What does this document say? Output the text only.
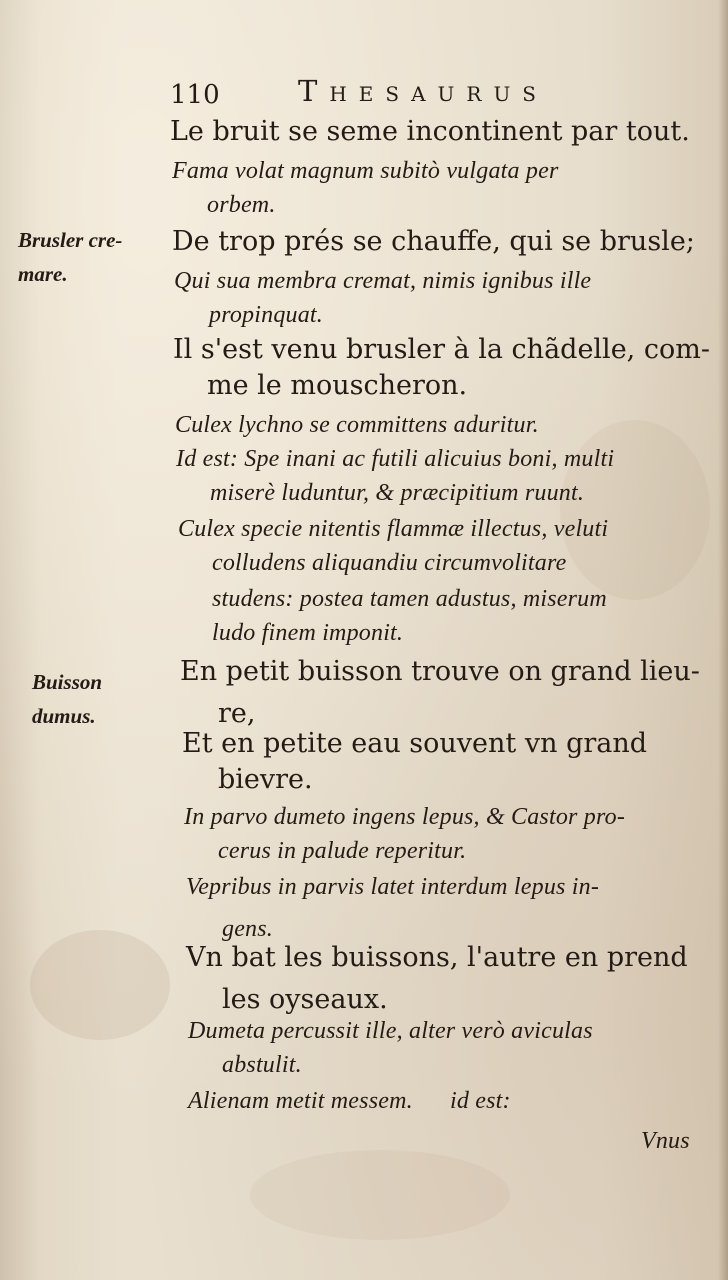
110	Thesaurus
Brusler cre-
mare.
Buisson
dumus.
Le bruit se seme incontinent par tout.
Fama volat magnum subitò vulgata per
orbem.
De trop prés se chauffe, qui se brusle;
Qui sua membra cremat, nimis ignibus ille
propinquat.
Il s'est venu brusler à la chãdelle, com-
me le mouscheron.
Culex lychno se committens aduritur.
Id est: Spe inani ac futili alicuius boni, multi
miserè luduntur, & præcipitium ruunt.
Culex specie nitentis flammæ illectus, veluti
colludens aliquandiu circumvolitare
studens: postea tamen adustus, miserum
ludo finem imponit.
En petit buisson trouve on grand lieu-
re,
Et en petite eau souvent vn grand
bievre.
In parvo dumeto ingens lepus, & Castor pro-
cerus in palude reperitur.
Vepribus in parvis latet interdum lepus in-
gens.
Vn bat les buissons, l'autre en prend
les oyseaux.
Dumeta percussit ille, alter verò aviculas
abstulit.
Alienam metit messem.      id est:
Vnus
